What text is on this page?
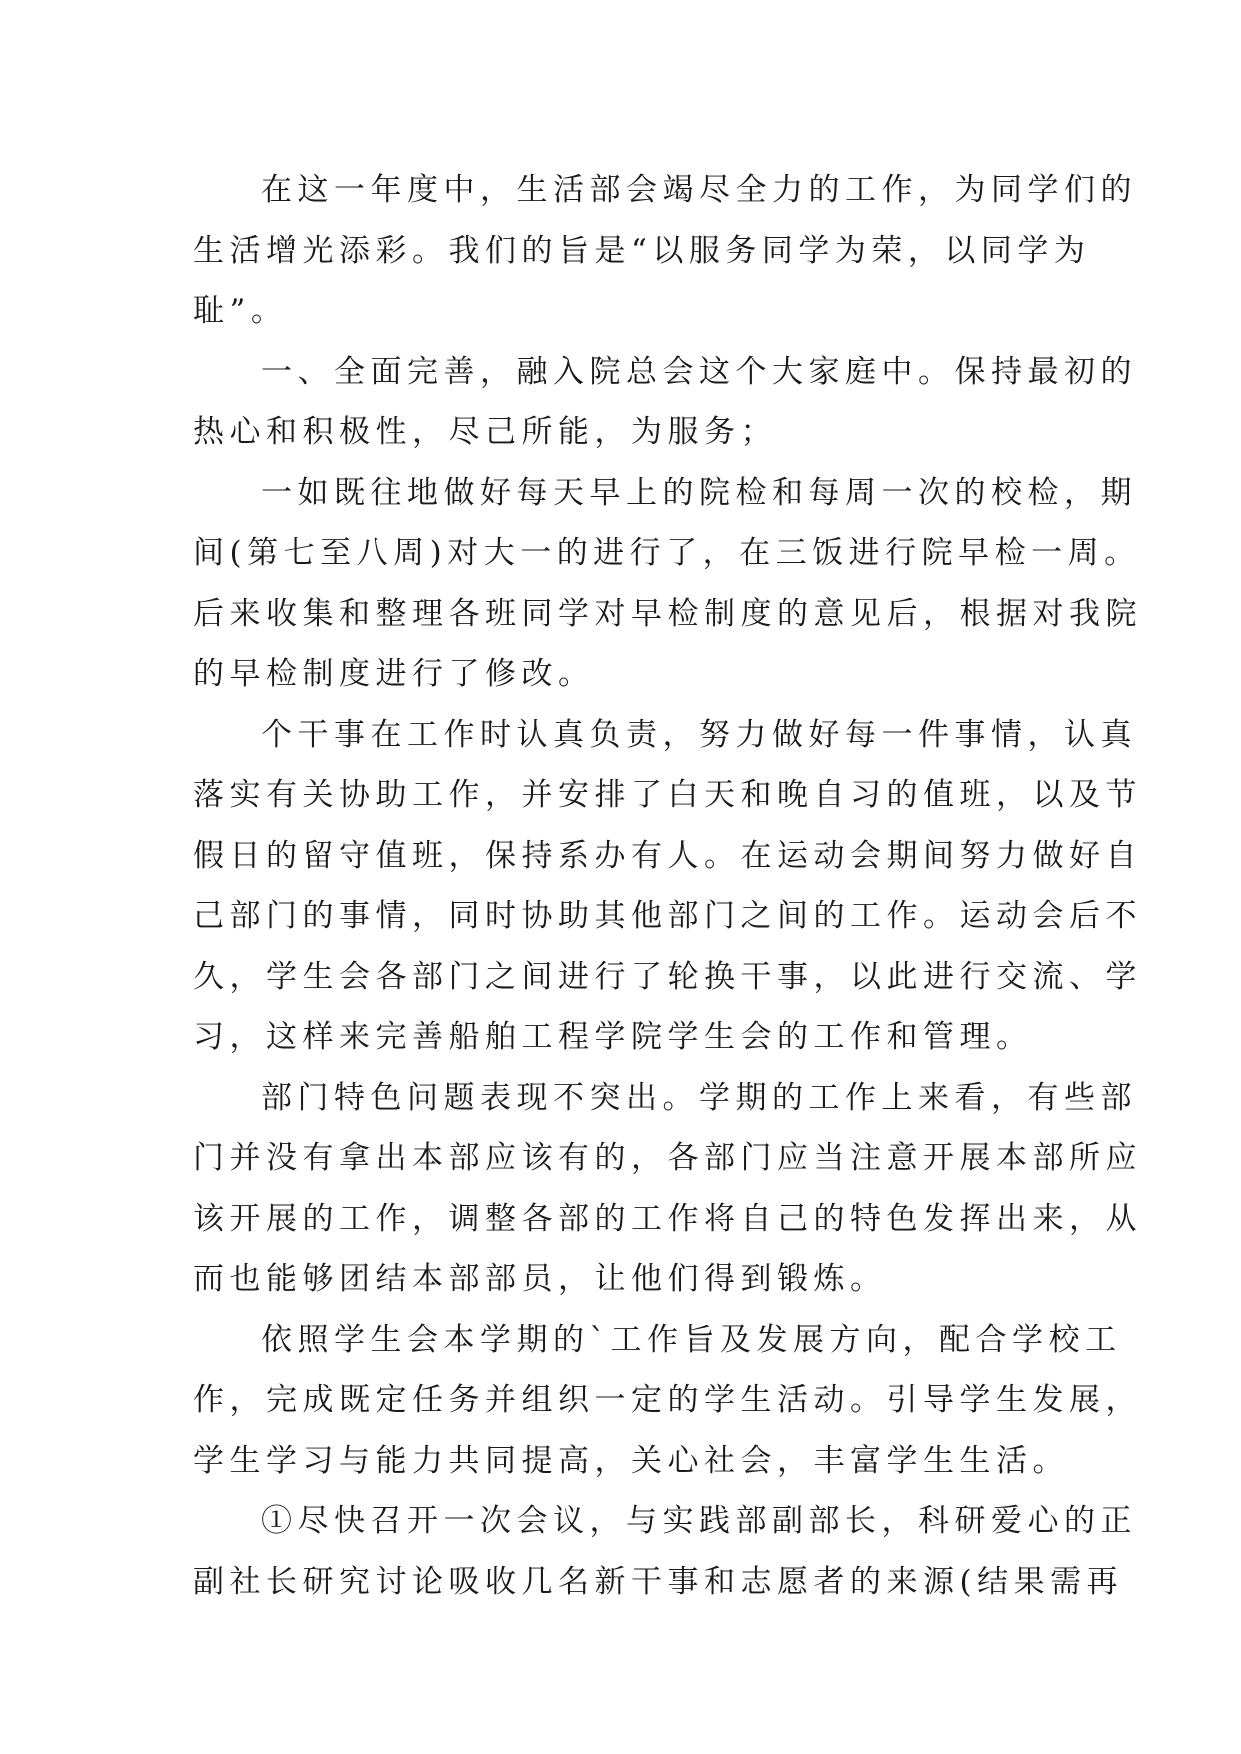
在这一年度中，生活部会竭尽全力的工作，为同学们的
生活增光添彩。我们的旨是“以服务同学为荣，以同学为
耻”。
一、全面完善，融入院总会这个大家庭中。保持最初的
热心和积极性，尽己所能，为服务；
一如既往地做好每天早上的院检和每周一次的校检，期
间(第七至八周)对大一的进行了，在三饭进行院早检一周。
后来收集和整理各班同学对早检制度的意见后，根据对我院
的早检制度进行了修改。
个干事在工作时认真负责，努力做好每一件事情，认真
落实有关协助工作，并安排了白天和晚自习的值班，以及节
假日的留守值班，保持系办有人。在运动会期间努力做好自
己部门的事情，同时协助其他部门之间的工作。运动会后不
久，学生会各部门之间进行了轮换干事，以此进行交流、学
习，这样来完善船舶工程学院学生会的工作和管理。
部门特色问题表现不突出。学期的工作上来看，有些部
门并没有拿出本部应该有的，各部门应当注意开展本部所应
该开展的工作，调整各部的工作将自己的特色发挥出来，从
而也能够团结本部部员，让他们得到锻炼。
依照学生会本学期的`工作旨及发展方向，配合学校工
作，完成既定任务并组织一定的学生活动。引导学生发展，
学生学习与能力共同提高，关心社会，丰富学生生活。
①尽快召开一次会议，与实践部副部长，科研爱心的正
副社长研究讨论吸收几名新干事和志愿者的来源(结果需再
